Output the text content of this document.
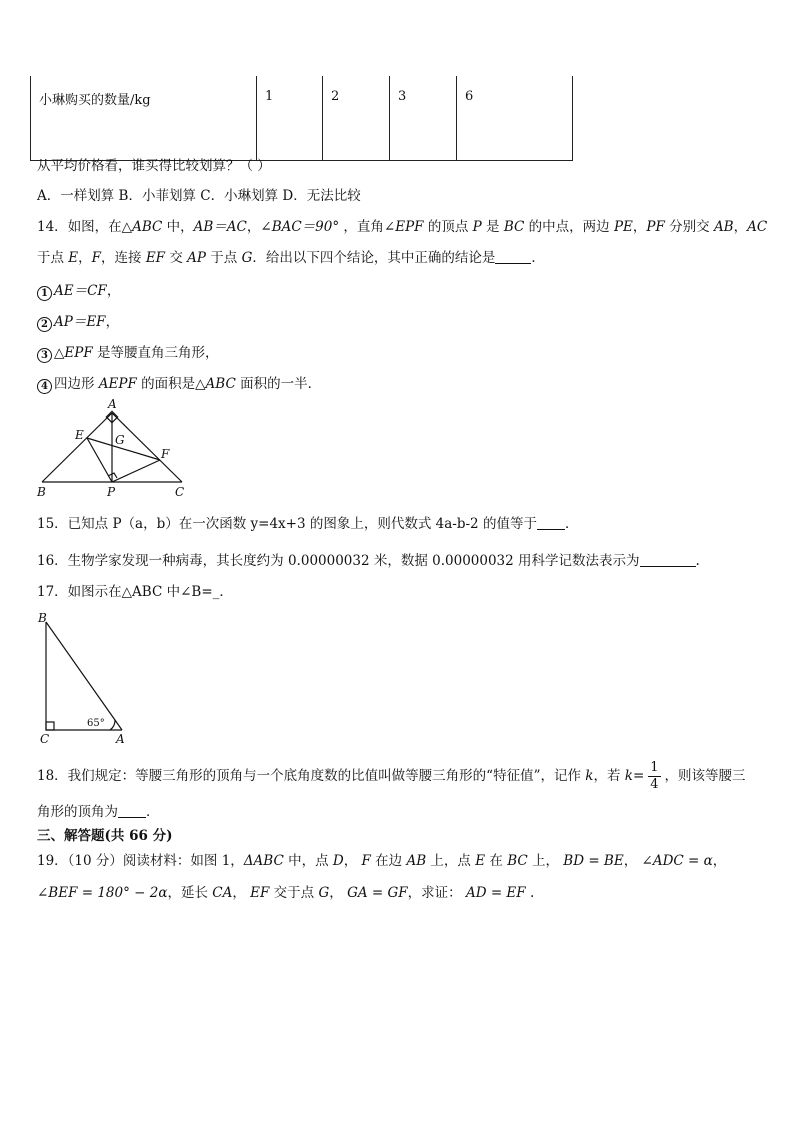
小琳购买的数量/kg	1	2	3	6
从平均价格看，谁买得比较划算？（ ）
A．一样划算 B．小菲划算 C．小琳划算 D．无法比较
14．如图，在△ABC 中，AB＝AC，∠BAC＝90° ，直角∠EPF 的顶点 P 是 BC 的中点，两边 PE，PF 分别交 AB，AC
于点 E，F，连接 EF 交 AP 于点 G．给出以下四个结论，其中正确的结论是	．
1 AE＝CF，
2 AP＝EF，
3 △EPF 是等腰直角三角形，
4 四边形 AEPF 的面积是△ABC 面积的一半．
A
B	C
E
F
G
P
15．已知点 P（a，b）在一次函数 y=4x+3 的图象上，则代数式 4a-b-2 的值等于 ．
16．生物学家发现一种病毒，其长度约为 0.00000032 米，数据 0.00000032 用科学记数法表示为	.
17．如图示在△ABC 中∠B=_．
B
C	A
65°
18．我们规定：等腰三角形的顶角与一个底角度数的比值叫做等腰三角形的“特征值”，记作 k，若 $k= \frac{1}{4}$ ，则该等腰三
角形的顶角为 ．
三、解答题(共 66 分)
19．（10 分）阅读材料：如图 1，ΔABC 中，点 D， F 在边 AB 上，点 E 在 BC 上， BD = BE， ∠ADC = α，
∠BEF = 180° − 2α，延长 CA， EF 交于点 G， GA = GF，求证： AD = EF .
